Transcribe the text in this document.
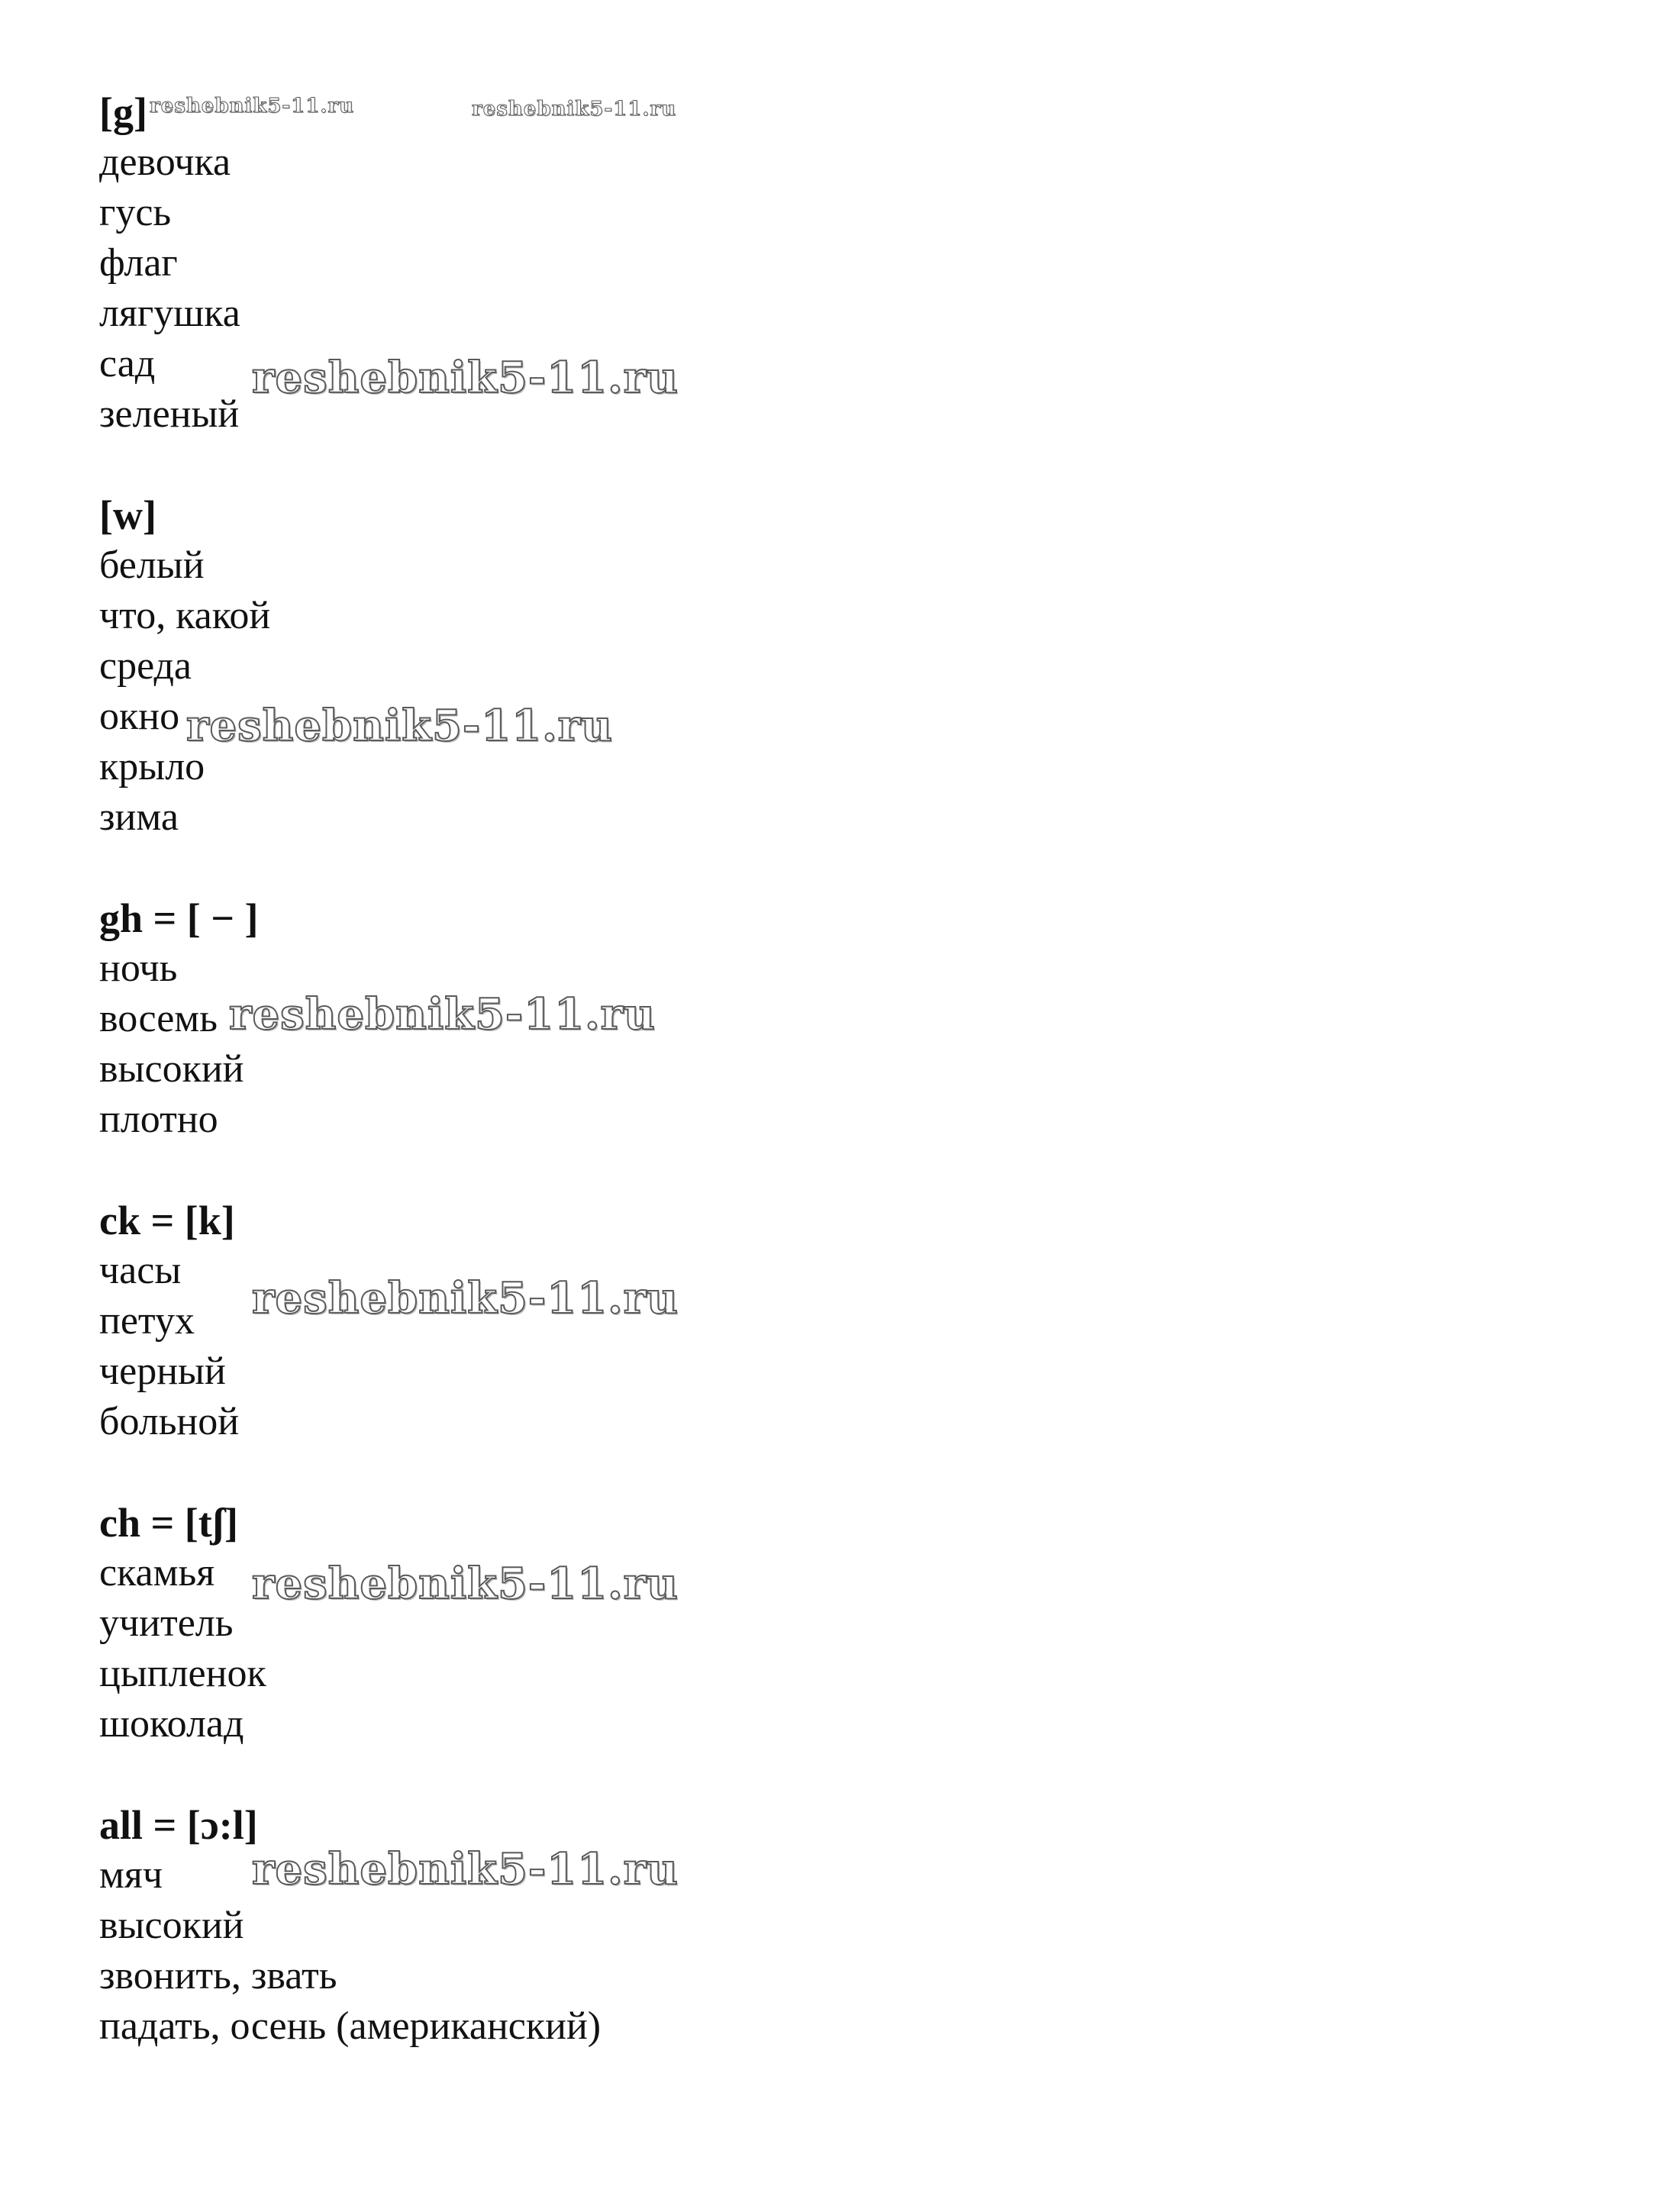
[g]
девочка
гусь
флаг
лягушка
сад
зеленый
[w]
белый
что, какой
среда
окно
крыло
зима
gh = [ − ]
ночь
восемь
высокий
плотно
ck = [k]
часы
петух
черный
больной
ch = [tʃ]
скамья
учитель
цыпленок
шоколад
all = [ɔ:l]
мяч
высокий
звонить, звать
падать, осень (американский)
reshebnik5-11.ru	reshebnik5-11.ru
reshebnik5-11.ru
reshebnik5-11.ru
reshebnik5-11.ru
reshebnik5-11.ru
reshebnik5-11.ru
reshebnik5-11.ru
